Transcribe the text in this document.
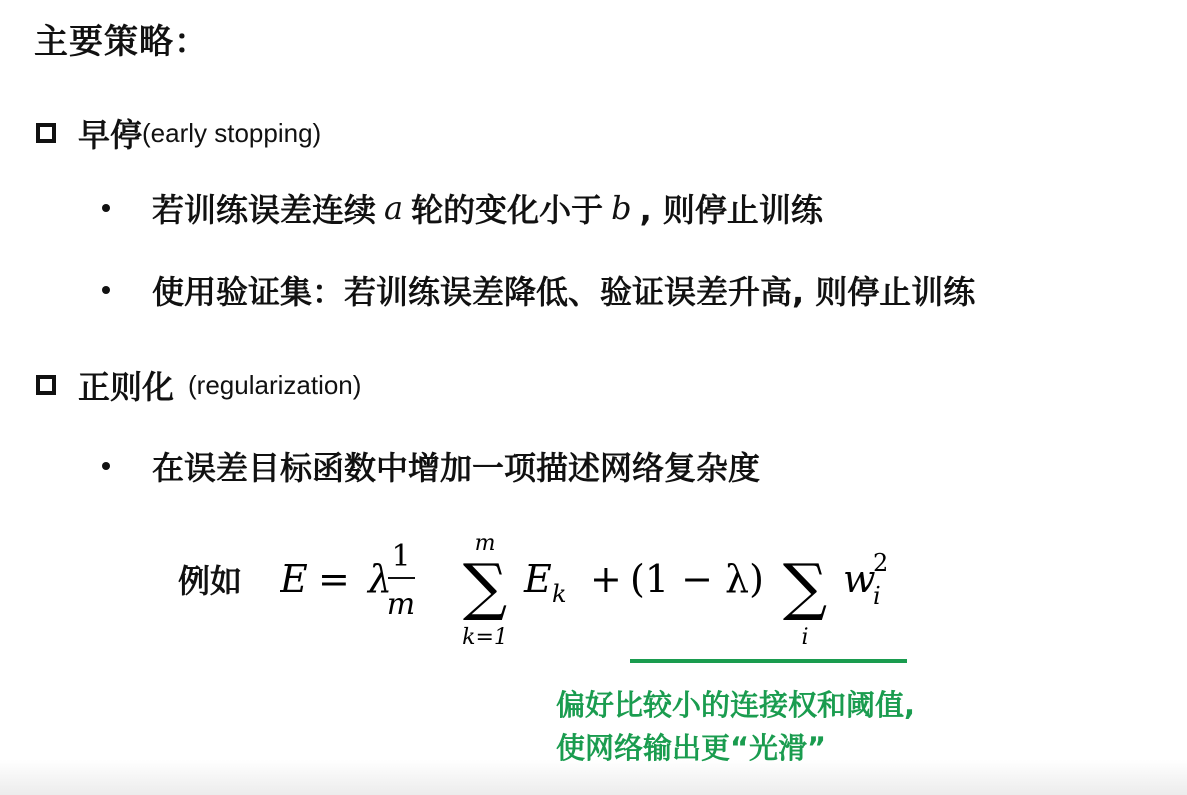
主要策略：
早停 (early stopping)
若训练误差连续 a 轮的变化小于 b , 则停止训练
使用验证集：若训练误差降低、验证误差升高, 则停止训练
正则化 (regularization)
在误差目标函数中增加一项描述网络复杂度
例如 E = λ
1
m
m
∑
k=1
E k + (1 − λ) ∑
i
w
i
2
偏好比较小的连接权和阈值,
使网络输出更“光滑”
